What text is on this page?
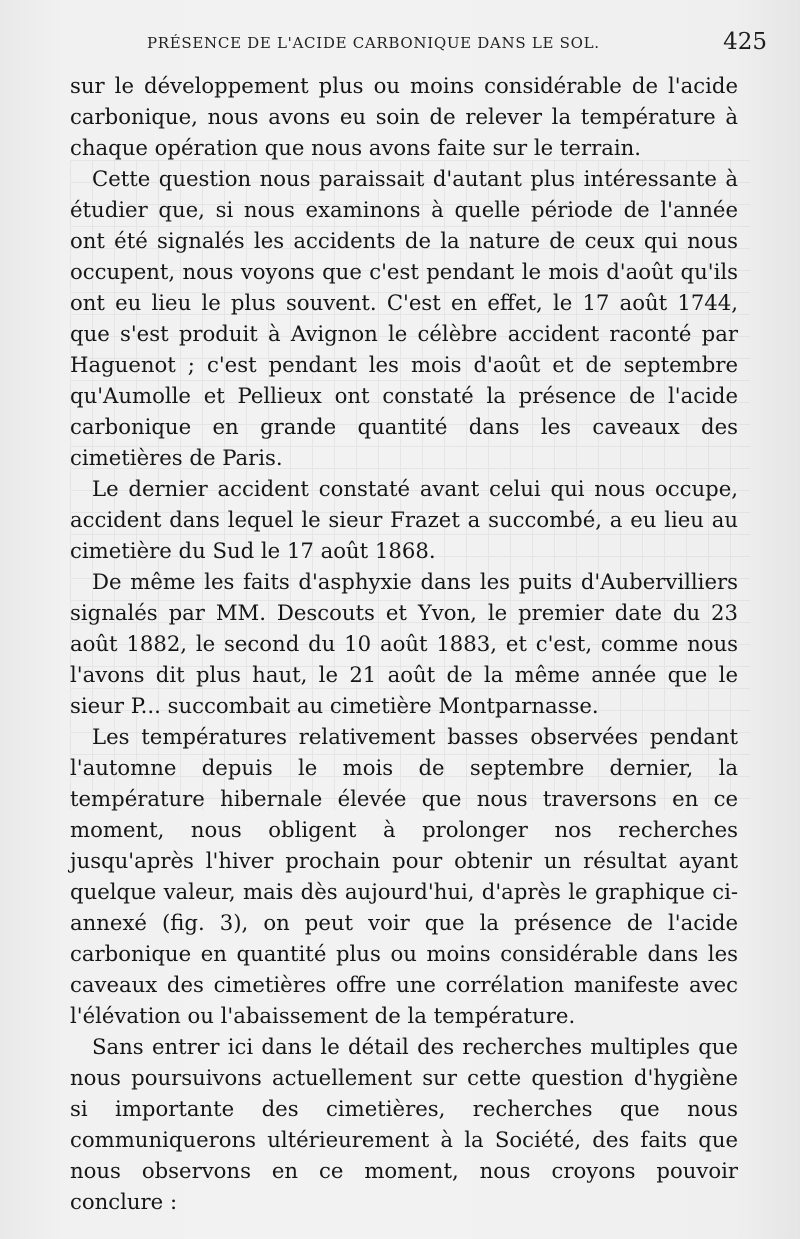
PRÉSENCE DE L'ACIDE CARBONIQUE DANS LE SOL.	425

sur le développement plus ou moins considérable de l'acide carbonique, nous avons eu soin de relever la température à chaque opération que nous avons faite sur le terrain.

Cette question nous paraissait d'autant plus intéressante à étudier que, si nous examinons à quelle période de l'année ont été signalés les accidents de la nature de ceux qui nous occupent, nous voyons que c'est pendant le mois d'août qu'ils ont eu lieu le plus souvent. C'est en effet, le 17 août 1744, que s'est produit à Avignon le célèbre accident raconté par Haguenot ; c'est pendant les mois d'août et de septembre qu'Aumolle et Pellieux ont constaté la présence de l'acide carbonique en grande quantité dans les caveaux des cimetières de Paris.

Le dernier accident constaté avant celui qui nous occupe, accident dans lequel le sieur Frazet a succombé, a eu lieu au cimetière du Sud le 17 août 1868.

De même les faits d'asphyxie dans les puits d'Aubervilliers signalés par MM. Descouts et Yvon, le premier date du 23 août 1882, le second du 10 août 1883, et c'est, comme nous l'avons dit plus haut, le 21 août de la même année que le sieur P... succombait au cimetière Montparnasse.

Les températures relativement basses observées pendant l'automne depuis le mois de septembre dernier, la température hibernale élevée que nous traversons en ce moment, nous obligent à prolonger nos recherches jusqu'après l'hiver prochain pour obtenir un résultat ayant quelque valeur, mais dès aujourd'hui, d'après le graphique ci-annexé (fig. 3), on peut voir que la présence de l'acide carbonique en quantité plus ou moins considérable dans les caveaux des cimetières offre une corrélation manifeste avec l'élévation ou l'abaissement de la température.

Sans entrer ici dans le détail des recherches multiples que nous poursuivons actuellement sur cette question d'hygiène si importante des cimetières, recherches que nous communiquerons ultérieurement à la Société, des faits que nous observons en ce moment, nous croyons pouvoir conclure :
